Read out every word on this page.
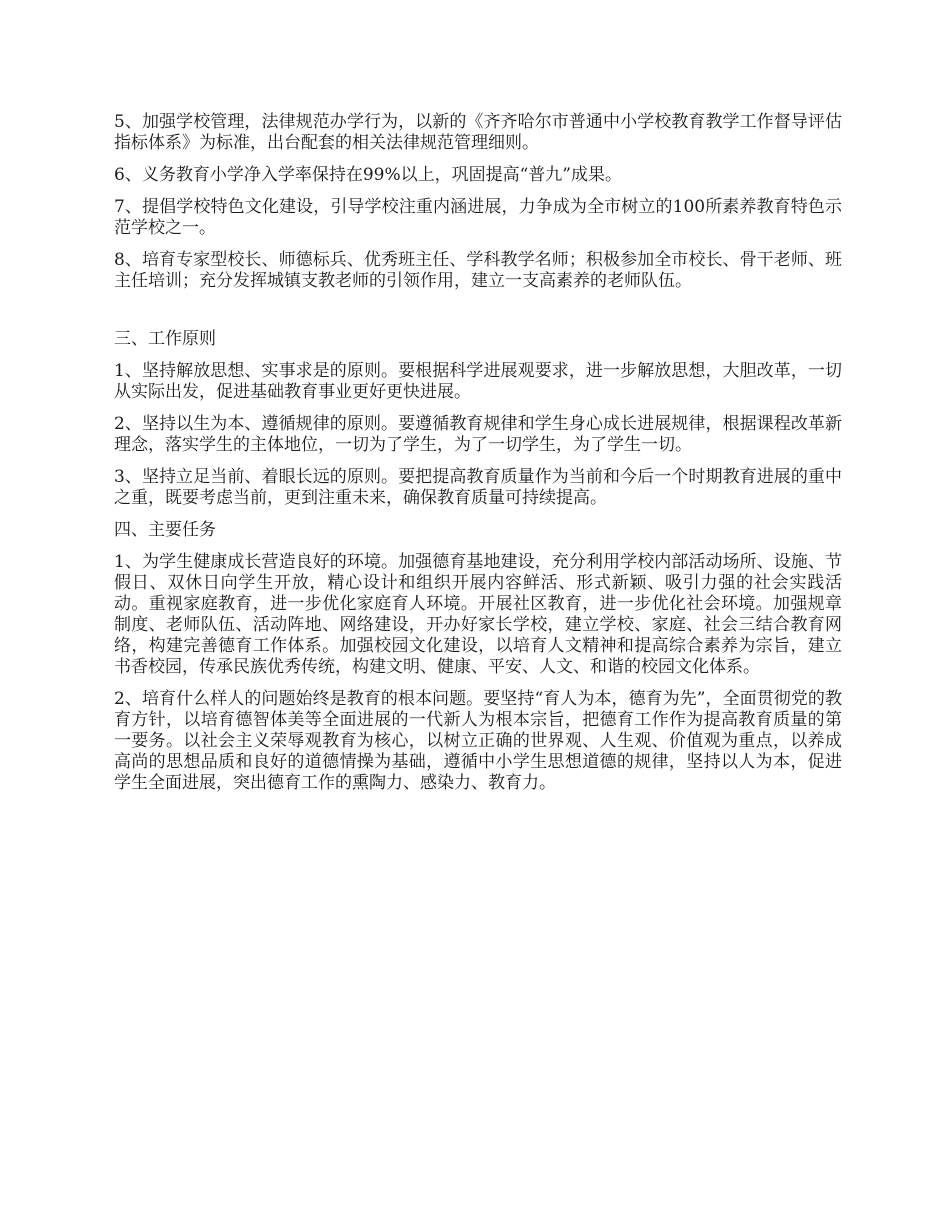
5、加强学校管理，法律规范办学行为，以新的《齐齐哈尔市普通中小学校教育教学工作督导评估指标体系》为标准，出台配套的相关法律规范管理细则。

6、义务教育小学净入学率保持在99%以上，巩固提高“普九”成果。

7、提倡学校特色文化建设，引导学校注重内涵进展，力争成为全市树立的100所素养教育特色示范学校之一。

8、培育专家型校长、师德标兵、优秀班主任、学科教学名师；积极参加全市校长、骨干老师、班主任培训；充分发挥城镇支教老师的引领作用，建立一支高素养的老师队伍。

三、工作原则

1、坚持解放思想、实事求是的原则。要根据科学进展观要求，进一步解放思想，大胆改革，一切从实际出发，促进基础教育事业更好更快进展。

2、坚持以生为本、遵循规律的原则。要遵循教育规律和学生身心成长进展规律，根据课程改革新理念，落实学生的主体地位，一切为了学生，为了一切学生，为了学生一切。

3、坚持立足当前、着眼长远的原则。要把提高教育质量作为当前和今后一个时期教育进展的重中之重，既要考虑当前，更到注重未来，确保教育质量可持续提高。

四、主要任务

1、为学生健康成长营造良好的环境。加强德育基地建设，充分利用学校内部活动场所、设施、节假日、双休日向学生开放，精心设计和组织开展内容鲜活、形式新颖、吸引力强的社会实践活动。重视家庭教育，进一步优化家庭育人环境。开展社区教育，进一步优化社会环境。加强规章制度、老师队伍、活动阵地、网络建设，开办好家长学校，建立学校、家庭、社会三结合教育网络，构建完善德育工作体系。加强校园文化建设，以培育人文精神和提高综合素养为宗旨，建立书香校园，传承民族优秀传统，构建文明、健康、平安、人文、和谐的校园文化体系。

2、培育什么样人的问题始终是教育的根本问题。要坚持“育人为本，德育为先”，全面贯彻党的教育方针，以培育德智体美等全面进展的一代新人为根本宗旨，把德育工作作为提高教育质量的第一要务。以社会主义荣辱观教育为核心，以树立正确的世界观、人生观、价值观为重点，以养成高尚的思想品质和良好的道德情操为基础，遵循中小学生思想道德的规律，坚持以人为本，促进学生全面进展，突出德育工作的熏陶力、感染力、教育力。
